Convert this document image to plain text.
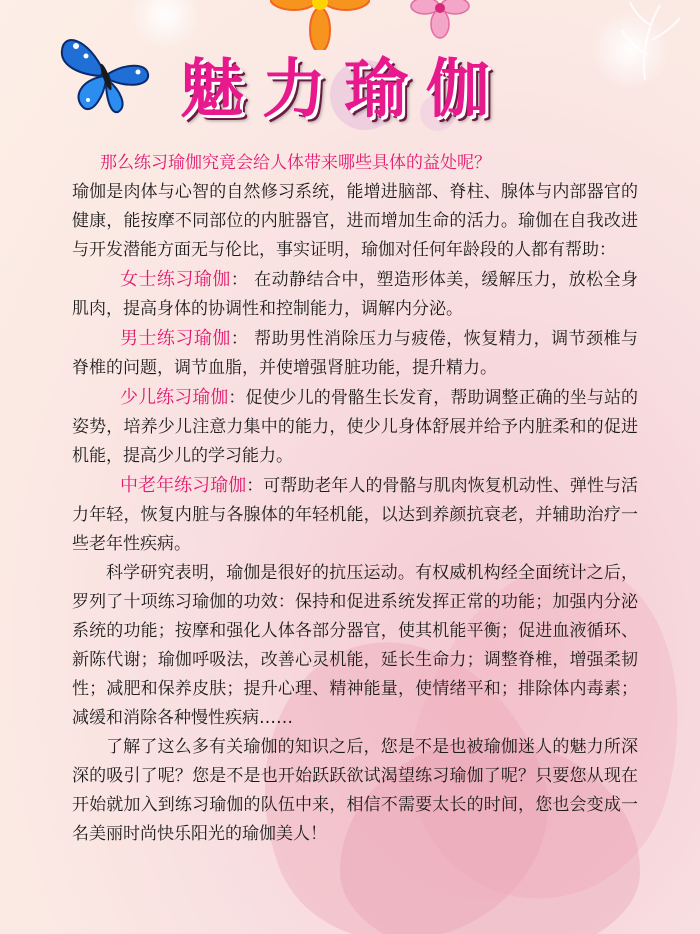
魅力瑜伽

那么练习瑜伽究竟会给人体带来哪些具体的益处呢？

瑜伽是肉体与心智的自然修习系统，能增进脑部、脊柱、腺体与内部器官的健康，能按摩不同部位的内脏器官，进而增加生命的活力。瑜伽在自我改进与开发潜能方面无与伦比，事实证明，瑜伽对任何年龄段的人都有帮助：

女士练习瑜伽： 在动静结合中，塑造形体美，缓解压力，放松全身肌肉，提高身体的协调性和控制能力，调解内分泌。

男士练习瑜伽： 帮助男性消除压力与疲倦，恢复精力，调节颈椎与脊椎的问题，调节血脂，并使增强肾脏功能，提升精力。

少儿练习瑜伽：促使少儿的骨骼生长发育，帮助调整正确的坐与站的姿势，培养少儿注意力集中的能力，使少儿身体舒展并给予内脏柔和的促进机能，提高少儿的学习能力。

中老年练习瑜伽：可帮助老年人的骨骼与肌肉恢复机动性、弹性与活力年轻，恢复内脏与各腺体的年轻机能，以达到养颜抗衰老，并辅助治疗一些老年性疾病。

科学研究表明，瑜伽是很好的抗压运动。有权威机构经全面统计之后，罗列了十项练习瑜伽的功效：保持和促进系统发挥正常的功能；加强内分泌系统的功能；按摩和强化人体各部分器官，使其机能平衡；促进血液循环、新陈代谢；瑜伽呼吸法，改善心灵机能，延长生命力；调整脊椎，增强柔韧性；减肥和保养皮肤；提升心理、精神能量，使情绪平和；排除体内毒素；减缓和消除各种慢性疾病……

了解了这么多有关瑜伽的知识之后，您是不是也被瑜伽迷人的魅力所深深的吸引了呢？您是不是也开始跃跃欲试渴望练习瑜伽了呢？只要您从现在开始就加入到练习瑜伽的队伍中来，相信不需要太长的时间，您也会变成一名美丽时尚快乐阳光的瑜伽美人！
